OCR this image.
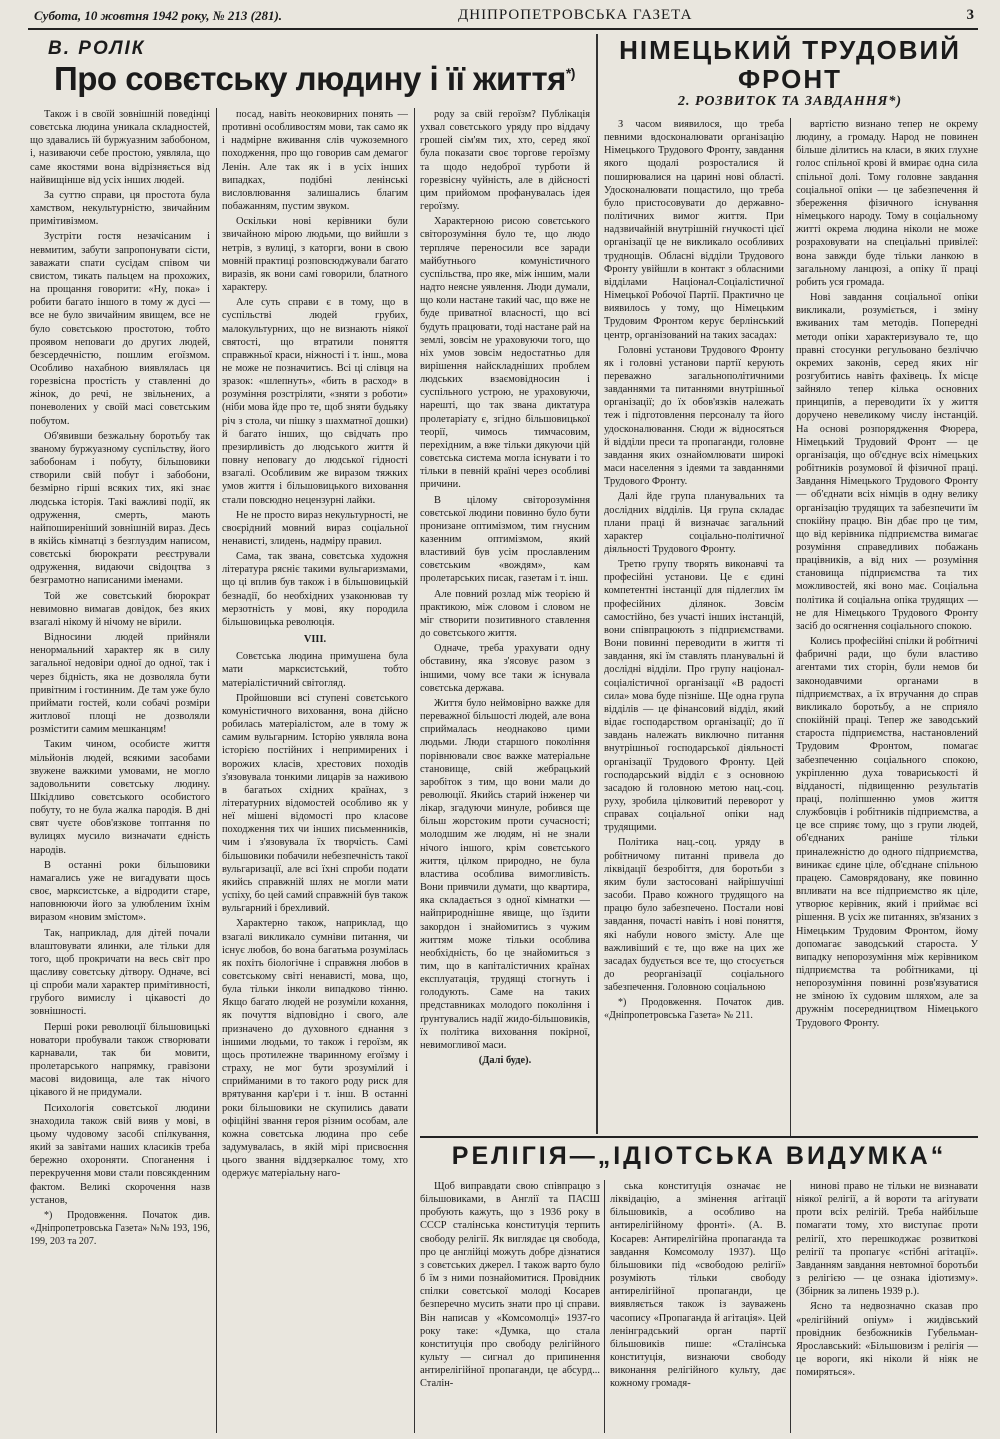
Субота, 10 жовтня 1942 року, № 213 (281).	ДНІПРОПЕТРОВСЬКА ГАЗЕТА	3
В. РОЛІК
Про совєтську людину і її життя*)

Також і в своїй зовнішній поведінці совєтська людина уникала складностей, що здавались їй буржуазним забобоном, і, називаючи себе простою, уявляла, що саме якостями вона відрізняється від найвищінше від усіх інших людей.

За суттю справи, ця простота була хамством, некультурністю, звичайним примітивізмом.

Зустріти гостя незачісаним і невмитим, забути запропонувати сісти, заважати спати сусідам співом чи свистом, тикать пальцем на прохожих, на прощання говорити: «Ну, пока» і робити багато іншого в тому ж дусі — все не було звичайним явищем, все не було совєтською простотою, тобто проявом неповаги до других людей, безсердечністю, пошлим егоїзмом. Особливо нахабною виявлялась ця горезвісна простість у ставленні до жінок, до речі, не звільнених, а поневолених у своїй масі совєтським побутом.

Об'явивши безжальну боротьбу так званому буржуазному суспільству, його забобонам і побуту, більшовики створили свій побут і забобони, безмірно гірші всяких тих, які знає людська історія. Такі важливі події, як одруження, смерть, мають найпоширеніший зовнішній вираз. Десь в якійсь кімнатці з безглуздим написом, совєтські бюрократи реєстрували одруження, видаючи свідоцтва з безграмотно написаними іменами.

Той же совєтський бюрократ невимовно вимагав довідок, без яких взагалі нікому й нічому не вірили.

Відносини людей прийняли ненормальний характер як в силу загальної недовіри одної до одної, так і через бідність, яка не дозволяла бути привітним і гостинним. Де там уже було приймати гостей, коли собачі розміри житлової площі не дозволяли розмістити самим мешканцям!

Таким чином, особисте життя мільйонів людей, всякими засобами звужене важкими умовами, не могло задовольнити совєтську людину. Шкідливо совєтського особистого побуту, то не була жалка пародія. В дні свят чуєте обов'язкове топтання по вулицях мусило визначати єдність народів.

В останні роки більшовики намагались уже не вигадувати щось своє, марксистське, а відродити старе, наповнюючи його за улюбленим їхнім виразом «новим змістом».

Так, наприклад, для дітей почали влаштовувати ялинки, але тільки для того, щоб прокричати на весь світ про щасливу совєтську дітвору. Одначе, всі ці спроби мали характер примітивності, грубого вимислу і цікавості до зовнішності.

Перші роки революції більшовицькі новатори пробували також створювати карнавали, так би мовити, пролетарського напрямку, гравізони масові видовища, але так нічого цікавого й не придумали.

Психологія совєтської людини знаходила також свій вияв у мові, в цьому чудовому засобі спілкування, який за завітами наших класиків треба бережно охороняти. Споганення і перекручення мови стали повсякденним фактом. Великі скорочення назв установ,

*) Продовження. Початок див. «Дніпропетровська Газета» №№ 193, 196, 199, 203 та 207.

посад, навіть неоковирних понять — противні особливостям мови, так само як і надмірне вживання слів чужоземного походження, про що говорив сам демагог Ленін. Але так як і в усіх інших випадках, подібні ленінські висловлювання залишались благим побажанням, пустим звуком.

Оскільки нові керівники були звичайною мірою людьми, що вийшли з нетрів, з вулиці, з каторги, вони в свою мовній практиці розповсюджували багато виразів, як вони самі говорили, блатного характеру.

Але суть справи є в тому, що в суспільстві людей грубих, малокультурних, що не визнають ніякої святості, що втратили поняття справжньої краси, ніжності і т. інш., мова не може не позначитись. Всі ці слівця на зразок: «шлепнуть», «бить в расход» в розуміння розстріляти, «зняти з роботи» (ніби мова йде про те, щоб зняти будьяку річ з стола, чи пішку з шахматної дошки) й багато інших, що свідчать про презирливість до людського життя й повну неповагу до людської гідності взагалі. Особливим же виразом тяжких умов життя і більшовицького виховання стали повсюдно нецензурні лайки.

Не не просто вираз некультурності, не своєрідний мовний вираз соціальної ненависті, злидень, надміру правил.

Сама, так звана, совєтська художня література рясніє такими вульгаризмами, що ці вплив був також і в більшовицькій безнадії, бо необхідних узаконював ту мерзотність у мові, яку породила більшовицька революція.

VIII.

Совєтська людина примушена була мати марксистський, тобто матеріалістичний світогляд.

Пройшовши всі ступені совєтського комуністичного виховання, вона дійсно робилась матеріалістом, але в тому ж самим вульгарним. Історію уявляла вона історією постійних і непримирених і ворожих класів, хрестових походів з'язовувала тонкими лицарів за наживою в багатьох східних країнах, з літературних відомостей особливо як у неї мішені відомості про класове походження тих чи інших письменників, чим і з'язовувала їх творчість. Самі більшовики побачили небезпечність такої вульгаризації, але всі їхні спроби подати якийсь справжній шлях не могли мати успіху, бо цей самий справжній був також вульгарний і брехливий.

Характерно також, наприклад, що взагалі викликало сумніви питання, чи існує любов, бо вона багатьма розумілась як похіть біологічне і справжня любов в совєтському світі ненависті, мова, що, була тільки інколи випадково тінню. Якщо багато людей не розуміли кохання, як почуття відповідно і свого, але призначено до духовного єднання з іншими людьми, то також і героїзм, як щось протилежне тваринному егоїзму і страху, не мог бути зрозумілий і сприйманими в то такого роду риск для врятування кар'єри і т. інш. В останні роки більшовики не скупились давати офіційні звання героя різним особам, але кожна совєтська людина про себе задумувалась, в якій мірі присвоєння цього звання віддзеркалює тому, хто одержує матеріальну наго-

роду за свій героїзм? Публікація ухвал совєтського уряду про віддачу грошей сім'ям тих, хто, серед якої була показати своє торгове героїзму та щодо недоброї турботи й горезвісну чуйність, але в дійсності цим прийомом профанувалась ідея героїзму.

Характерною рисою совєтського світорозуміння було те, що людо терпляче переносили все заради майбутнього комуністичного суспільства, про яке, між іншим, мали надто неясне уявлення. Люди думали, що коли настане такий час, що вже не буде приватної власності, що всі будуть працювати, тоді настане рай на землі, зовсім не ураховуючи того, що ніх умов зовсім недостатньо для вирішення найскладніших проблем людських взаємовідносин і суспільного устрою, не ураховуючи, нарешті, що так звана диктатура пролетаріату є, згідно більшовицької теорії, чимось тимчасовим, перехідним, а вже тільки дякуючи цій совєтська система могла існувати і то тільки в певній країні через особливі причини.

В цілому світорозуміння совєтської людини повинно було бути пронизане оптимізмом, тим гнусним казенним оптимізмом, який властивий був усім прославленим совєтським «вождям», кам пролетарських писак, газетам і т. інш.

Але повний розлад між теорією й практикою, між словом і словом не міг створити позитивного ставлення до совєтського життя.

Одначе, треба урахувати одну обставину, яка з'ясовує разом з іншими, чому все таки ж існувала совєтська держава.

Життя було неймовірно важке для переважної більшості людей, але вона сприймалась неоднаково цими людьми. Люди старшого покоління порівнювали своє важке матеріальне становище, свій жебрацький заробіток з тим, що вони мали до революції. Якийсь старий інженер чи лікар, згадуючи минуле, робився ще більш жорстоким проти сучасності; молодшим же людям, ні не знали нічого іншого, крім совєтського життя, цілком природно, не була властива особлива вимогливість. Вони привчили думати, що квартира, яка складається з одної кімнатки — найприроднішне явище, що їздити закордон і знайомитись з чужим життям може тільки особлива необхідність, бо це знайомиться з тим, що в капіталістичних країнах експлуатація, трудящі стогнуть і голодують. Саме на таких представниках молодого покоління і ґрунтувались надії жидо-більшовиків, їх політика виховання покірної, невимогливої маси.

(Далі буде).

НІМЕЦЬКИЙ ТРУДОВИЙ ФРОНТ
2. РОЗВИТОК ТА ЗАВДАННЯ*)

З часом виявилося, що треба певними вдосконалювати організацію Німецького Трудового Фронту, завдання якого щодалі розросталися й поширювалися на царині нові області. Удосконалювати пощастило, що треба було пристосовувати до державно-політичних вимог життя. При надзвичайній внутрішній гнучкості цієї організації це не викликало особливих труднощів. Обласні відділи Трудового Фронту увійшли в контакт з обласними відділами Націонал-Соціалістичної Німецької Робочої Партії. Практично це виявилось у тому, що Німецьким Трудовим Фронтом керує берлінський центр, організований на таких засадах:

Головні установи Трудового Фронту як і головні установи партії керують переважно загальнополітичними завданнями та питаннями внутрішньої організації; до їх обов'язків належать теж і підготовлення персоналу та його удосконалювання. Сюди ж відносяться й відділи преси та пропаганди, головне завдання яких ознайомлювати широкі маси населення з ідеями та завданнями Трудового Фронту.

Далі йде група планувальних та дослідних відділів. Ця група складає плани праці й визначає загальний характер соціально-політичної діяльності Трудового Фронту.

Третю групу творять виконавчі та професійні установи. Це є єдині компетентні інстанції для підлеглих їм професійних ділянок. Зовсім самостійно, без участі інших інстанцій, вони співпрацюють з підприємствами. Вони повинні переводити в життя ті завдання, які їм ставлять планувальні й дослідні відділи. Про групу націонал-соціалістичної організації «В радості сила» мова буде пізніше. Ще одна група відділів — це фінансовий відділ, який відає господарством організації; до її завдань належать виключно питання внутрішньої господарської діяльності організації Трудового Фронту. Цей господарський відділ є з основною засадою й головною метою нац.-соц. руху, зробила цілковитий переворот у справах соціальної опіки над трудящими.

Політика нац.-соц. уряду в робітничому питанні привела до ліквідації безробіття, для боротьби з яким були застосовані найрішучіші засоби. Право кожного трудящого на працю було забезпечено. Постали нові завдання, почасті навіть і нові поняття, які набули нового змісту. Але ще важливіший є те, що вже на цих же засадах будується все те, що стосується до реорганізації соціального забезпечення. Головною соціальною

*) Продовження. Початок див. «Дніпропетровська Газета» № 211.

вартістю визнано тепер не окрему людину, а громаду. Народ не повинен більше ділитись на класи, в яких глухне голос спільної крові й вмирає одна сила спільної долі. Тому головне завдання соціальної опіки — це забезпечення й збереження фізичного існування німецького народу. Тому в соціальному житті окрема людина ніколи не може розраховувати на спеціальні привілеї: вона завжди буде тільки ланкою в загальному ланцюзі, а опіку її праці робить уся громада.

Нові завдання соціальної опіки викликали, розуміється, і зміну вживаних там методів. Попередні методи опіки характеризувало те, що правні стосунки регульовано безліччю окремих законів, серед яких ніг розгубитись навіть фахівець. Їх місце зайняло тепер кілька основних принципів, а переводити їх у життя доручено невеликому числу інстанцій. На основі розпорядження Фюрера, Німецький Трудовий Фронт — це організація, що об'єднує всіх німецьких робітників розумової й фізичної праці. Завдання Німецького Трудового Фронту — об'єднати всіх німців в одну велику організацію трудящих та забезпечити їм спокійну працю. Він дбає про це тим, що від керівника підприємства вимагає розуміння справедливих побажань працівників, а від них — розуміння становища підприємства та тих можливостей, які воно має. Соціальна політика й соціальна опіка трудящих — не для Німецького Трудового Фронту засіб до осягнення соціального спокою.

Колись професійні спілки й робітничі фабричні ради, що були властиво агентами тих сторін, були немов би законодавчими органами в підприємствах, а їх втручання до справ викликало боротьбу, а не сприяло спокійній праці. Тепер же заводський староста підприємства, настановлений Трудовим Фронтом, помагає забезпеченню соціального спокою, укріпленню духа товариськості й відданості, підвищенню результатів праці, поліпшенню умов життя службовців і робітників підприємства, а це все сприяє тому, що з групи людей, об'єднаних раніше тільки приналежністю до одного підприємства, виникає єдине ціле, об'єднане спільною працею. Самоврядовану, яке повинно впливати на все підприємство як ціле, утворює керівник, який і приймає всі рішення. В усіх же питаннях, зв'язаних з Німецьким Трудовим Фронтом, йому допомагає заводський староста. У випадку непорозуміння між керівником підприємства та робітниками, ці непорозуміння повинні розв'язуватися не зміною їх судовим шляхом, але за дружнім посередництвом Німецького Трудового Фронту.

РЕЛІГІЯ—„ІДІОТСЬКА ВИДУМКА“

Щоб виправдати свою співпрацю з більшовиками, в Англії та ПАСШ пробують кажуть, що з 1936 року в СССР сталінська конституція терпить свободу релігії. Як виглядає ця свобода, про це англійці можуть добре дізнатися з совєтських джерел. І також варто було б їм з ними познайомитися. Провідник спілки совєтської молоді Косарев безперечно мусить знати про ці справи. Він написав у «Комсомолці» 1937-го року таке: «Думка, що стала конституція про свободу релігійного культу — сигнал до припинення антирелігійної пропаганди, це абсурд... Сталін-

ська конституція означає не ліквідацію, а змінення агітації більшовиків, а особливо на антирелігійному фронті». (А. В. Косарев: Антирелігійна пропаганда та завдання Комсомолу 1937). Що більшовики під «свободою релігії» розуміють тільки свободу антирелігійної пропаганди, це виявляється також із зауважень часопису «Пропаганда й агітація». Цей ленінградський орган партії більшовиків пише: «Сталінська конституція, визнаючи свободу виконання релігійного культу, дає кожному громадя-

нинові право не тільки не визнавати ніякої релігії, а й вороти та агітувати проти всіх релігій. Треба найбільше помагати тому, хто виступає проти релігії, хто перешкоджає розвиткові релігії та пропагує «стібні агітації». Завданням завдання невтомної боротьби з релігією — це ознака ідіотизму». (Збірник за липень 1939 р.).

Ясно та недвозначно сказав про «релігійний опіум» і жидівський провідник безбожників Губельман-Ярославський: «Більшовизм і релігія — це вороги, які ніколи й ніяк не помиряться».
